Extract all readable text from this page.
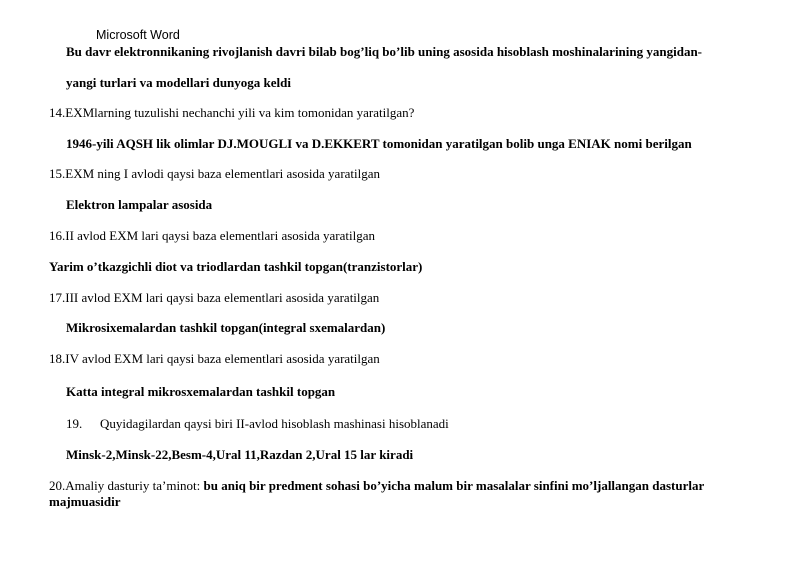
Microsoft Word
Bu davr elektronnikaning rivojlanish davri bilab bog’liq bo’lib uning asosida hisoblash moshinalarining yangidan-
yangi turlari va modellari dunyoga keldi
14.EXMlarning tuzulishi nechanchi yili va kim tomonidan yaratilgan?
1946-yili AQSH lik olimlar DJ.MOUGLI va D.EKKERT tomonidan yaratilgan bolib unga ENIAK nomi berilgan
15.EXM ning I avlodi qaysi baza elementlari asosida yaratilgan
Elektron lampalar asosida
16.II avlod EXM lari qaysi baza elementlari asosida yaratilgan
Yarim o’tkazgichli diot va triodlardan tashkil topgan(tranzistorlar)
17.III avlod EXM lari qaysi baza elementlari asosida yaratilgan
Mikrosixemalardan tashkil topgan(integral sxemalardan)
18.IV avlod EXM lari qaysi baza elementlari asosida yaratilgan
Katta integral mikrosxemalardan tashkil topgan
19. Quyidagilardan qaysi biri II-avlod hisoblash mashinasi hisoblanadi
Minsk-2,Minsk-22,Besm-4,Ural 11,Razdan 2,Ural 15 lar kiradi
20.Amaliy dasturiy ta’minot: bu aniq bir predment sohasi bo’yicha malum bir masalalar sinfini mo’ljallangan dasturlar majmuasidir
